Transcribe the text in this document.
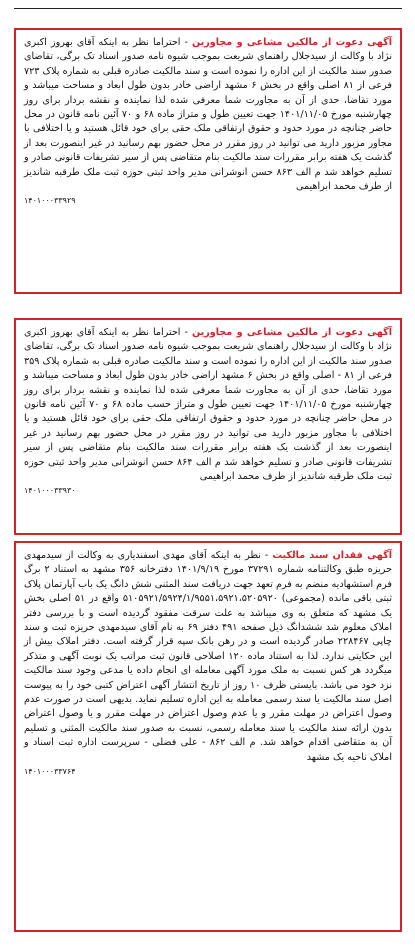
آگهی دعوت از مالکین مشاعی و مجاورین - احتراما نظر به اینکه آقای بهروز اکبری نژاد با وکالت از سیدجلال راهنمای شریعت بموجب شیوه نامه صدور اسناد تک برگی، تقاضای صدور سند مالکیت از این اداره را نموده است و سند مالکیت صادره قبلی به شماره پلاک ۷۲۳ فرعی از ۸۱ اصلی واقع در بخش ۶ مشهد اراضی خادر بدون طول ابعاد و مساحت میباشد و مورد تقاضا، حدی از آن به مجاورت شما معرفی شده لذا نماینده و نقشه بردار برای روز چهارشنبه مورخ ۱۴۰۱/۱۱/۰۵ جهت تعیین طول و متراژ ماده ۶۸ و ۷۰ آئین نامه قانون در محل حاضر چنانچه در مورد حدود و حقوق ارتفاقی ملک حقی برای خود قائل هستید و یا اختلافی با مجاور مزبور دارید می توانید در روز مقرر در محل حضور بهم رسانید در غیر اینصورت بعد از گذشت یک هفته برابر مقررات سند مالکیت بنام متقاضی پس از سیر تشریفات قانونی صادر و تسلیم خواهد شد م الف ۸۶۳ حسن انوشرانی مدیر واحد ثبتی حوزه ثبت ملک طرقبه شاندیز از طرف محمد ابراهیمی

۱۴۰۱۰۰۰۳۳۹۲۹

آگهی دعوت از مالکین مشاعی و مجاورین - احتراما نظر به اینکه آقای بهروز اکبری نژاد با وکالت از سیدجلال راهنمای شریعت بموجب شیوه نامه صدور اسناد تک برگی، تقاضای صدور سند مالکیت از این اداره را نموده است و سند مالکیت صادره قبلی به شماره پلاک ۳۵۹ فرعی از ۸۱ - اصلی واقع در بخش ۶ مشهد اراضی خادر بدون طول ابعاد و مساحت میباشد و مورد تقاضا، حدی از آن به مجاورت شما معرفی شده لذا نماینده و نقشه بردار برای روز چهارشنبه مورخ ۱۴۰۱/۱۱/۰۵ جهت تعیین طول و متراژ حسب ماده ۶۸ و ۷۰ آئین نامه قانون در محل حاضر چنانچه در مورد حدود و حقوق ارتفاقی ملک حقی برای خود قائل هستید و یا اختلافی با مجاور مزبور دارید می توانید در روز مقرر در محل حضور بهم رسانید در غیر اینصورت بعد از گذشت یک هفته برابر مقررات سند مالکیت بنام متقاضی پس از سیر تشریفات قانونی صادر و تسلیم خواهد شد م الف ۸۶۴ حسن انوشرانی مدیر واحد ثبتی حوزه ثبت ملک طرقبه شاندیز از طرف محمد ابراهیمی

۱۴۰۱۰۰۰۳۳۹۳۰

آگهی فقدان سند مالکیت - نظر به اینکه آقای مهدی اسفندیاری به وکالت از سیدمهدی حریزه طبق وکالتنامه شماره ۳۷۲۹۱ مورخ ۱۴۰۱/۹/۱۹ دفترخانه ۳۵۶ مشهد به استناد ۲ برگ فرم استشهادیه منضم به فرم تعهد جهت دریافت سند المثنی شش دانگ یک باب آپارتمان پلاک ثبتی باقی مانده (مجموعی) ۵۱۰۵۹۲۱/۵۹۲۴/۱/۹۵۵۱،۵۹۲۱،۵۲۰۵۹۲۰ واقع در ۵۱ اصلی بخش یک مشهد که متعلق به وی میباشد به علت سرقت مفقود گردیده است و با بررسی دفتر املاک معلوم شد ششدانگ ذیل صفحه ۴۹۱ دفتر ۶۹ به نام آقای سیدمهدی حریزه ثبت و سند چاپی ۲۲۸۴۶۷ صادر گردیده است و در رهن بانک سپه قرار گرفته است. دفتر املاک بیش از این حکایتی ندارد. لذا به استناد ماده ۱۲۰ اصلاحی قانون ثبت مراتب یک نوبت آگهی و متذکر میگردد هر کس نسبت به ملک مورد آگهی معامله ای انجام داده یا مدعی وجود سند مالکیت نزد خود می باشد. بایستی ظرف ۱۰ روز از تاریخ انتشار آگهی اعتراض کتبی خود را به پیوست اصل سند مالکیت یا سند رسمی معامله به این اداره تسلیم نماید. بدیهی است در صورت عدم وصول اعتراض در مهلت مقرر و یا عدم وصول اعتراض در مهلت مقرر و یا وصول اعتراض بدون ارائه سند مالکیت یا سند معامله رسمی، نسبت به صدور سند مالکیت المثنی و تسلیم آن به متقاضی اقدام خواهد شد. م الف ۸۶۲ - علی فضلی - سرپرست اداره ثبت اسناد و املاک ناحیه یک مشهد

۱۴۰۱۰۰۰۳۳۷۶۴
